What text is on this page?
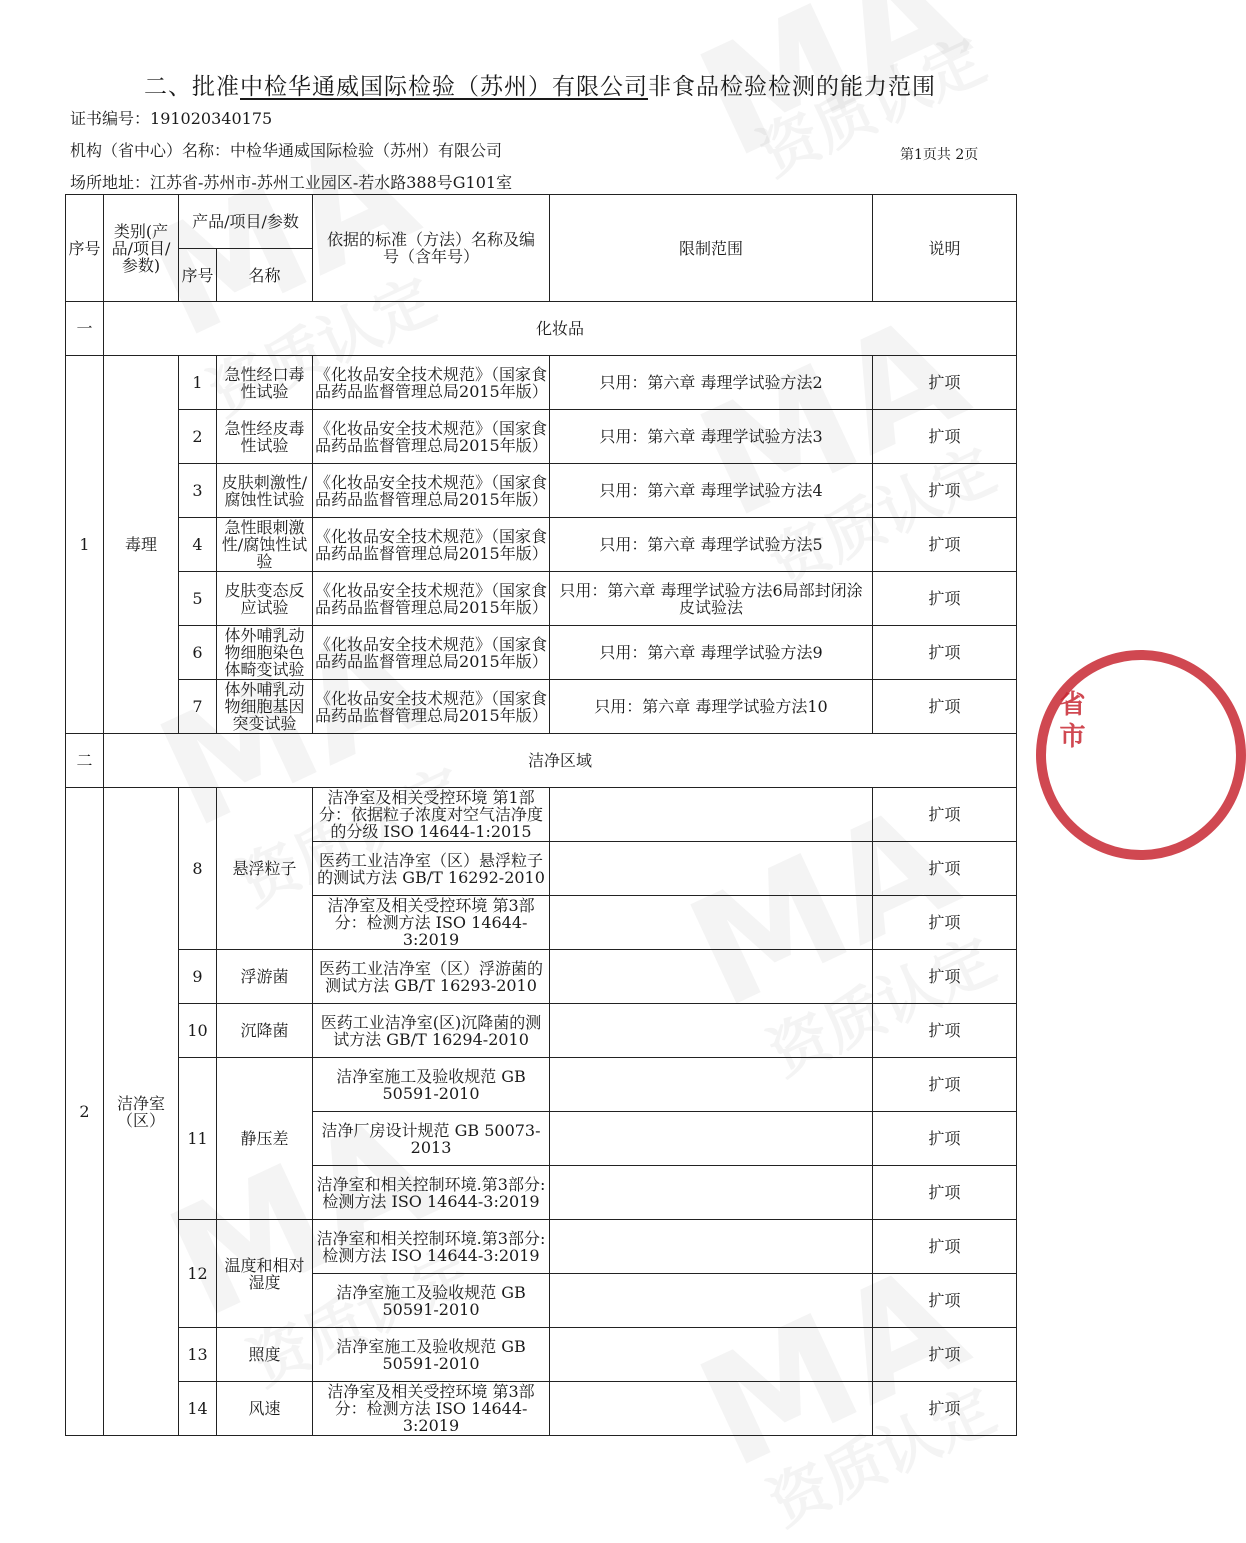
省市
二、批准中检华通威国际检验（苏州）有限公司非食品检验检测的能力范围
证书编号：191020340175
机构（省中心）名称：中检华通威国际检验（苏州）有限公司	第1页共 2页
场所地址：江苏省-苏州市-苏州工业园区-若水路388号G101室
序号	类别(产品/项目/参数)	产品/项目/参数		依据的标准（方法）名称及编号（含年号）	限制范围	说明
		序号	名称			
一	化妆品					
1	毒理	1	急性经口毒性试验	《化妆品安全技术规范》（国家食品药品监督管理总局2015年版）	只用：第六章 毒理学试验方法2	扩项
		2	急性经皮毒性试验	《化妆品安全技术规范》（国家食品药品监督管理总局2015年版）	只用：第六章 毒理学试验方法3	扩项
		3	皮肤刺激性/腐蚀性试验	《化妆品安全技术规范》（国家食品药品监督管理总局2015年版）	只用：第六章 毒理学试验方法4	扩项
		4	急性眼刺激性/腐蚀性试验	《化妆品安全技术规范》（国家食品药品监督管理总局2015年版）	只用：第六章 毒理学试验方法5	扩项
		5	皮肤变态反应试验	《化妆品安全技术规范》（国家食品药品监督管理总局2015年版）	只用：第六章 毒理学试验方法6局部封闭涂皮试验法	扩项
		6	体外哺乳动物细胞染色体畸变试验	《化妆品安全技术规范》（国家食品药品监督管理总局2015年版）	只用：第六章 毒理学试验方法9	扩项
		7	体外哺乳动物细胞基因突变试验	《化妆品安全技术规范》（国家食品药品监督管理总局2015年版）	只用：第六章 毒理学试验方法10	扩项
二	洁净区域					
2	洁净室（区）	8	悬浮粒子	洁净室及相关受控环境 第1部分：依据粒子浓度对空气洁净度的分级 ISO 14644-1:2015		扩项
				医药工业洁净室（区）悬浮粒子的测试方法 GB/T 16292-2010		扩项
				洁净室及相关受控环境 第3部分：检测方法 ISO 14644-3:2019		扩项
		9	浮游菌	医药工业洁净室（区）浮游菌的测试方法 GB/T 16293-2010		扩项
		10	沉降菌	医药工业洁净室(区)沉降菌的测试方法 GB/T 16294-2010		扩项
		11	静压差	洁净室施工及验收规范 GB 50591-2010		扩项
				洁净厂房设计规范 GB 50073-2013		扩项
				洁净室和相关控制环境.第3部分:检测方法 ISO 14644-3:2019		扩项
		12	温度和相对湿度	洁净室和相关控制环境.第3部分:检测方法 ISO 14644-3:2019		扩项
				洁净室施工及验收规范 GB 50591-2010		扩项
		13	照度	洁净室施工及验收规范 GB 50591-2010		扩项
		14	风速	洁净室及相关受控环境 第3部分：检测方法 ISO 14644-3:2019		扩项
